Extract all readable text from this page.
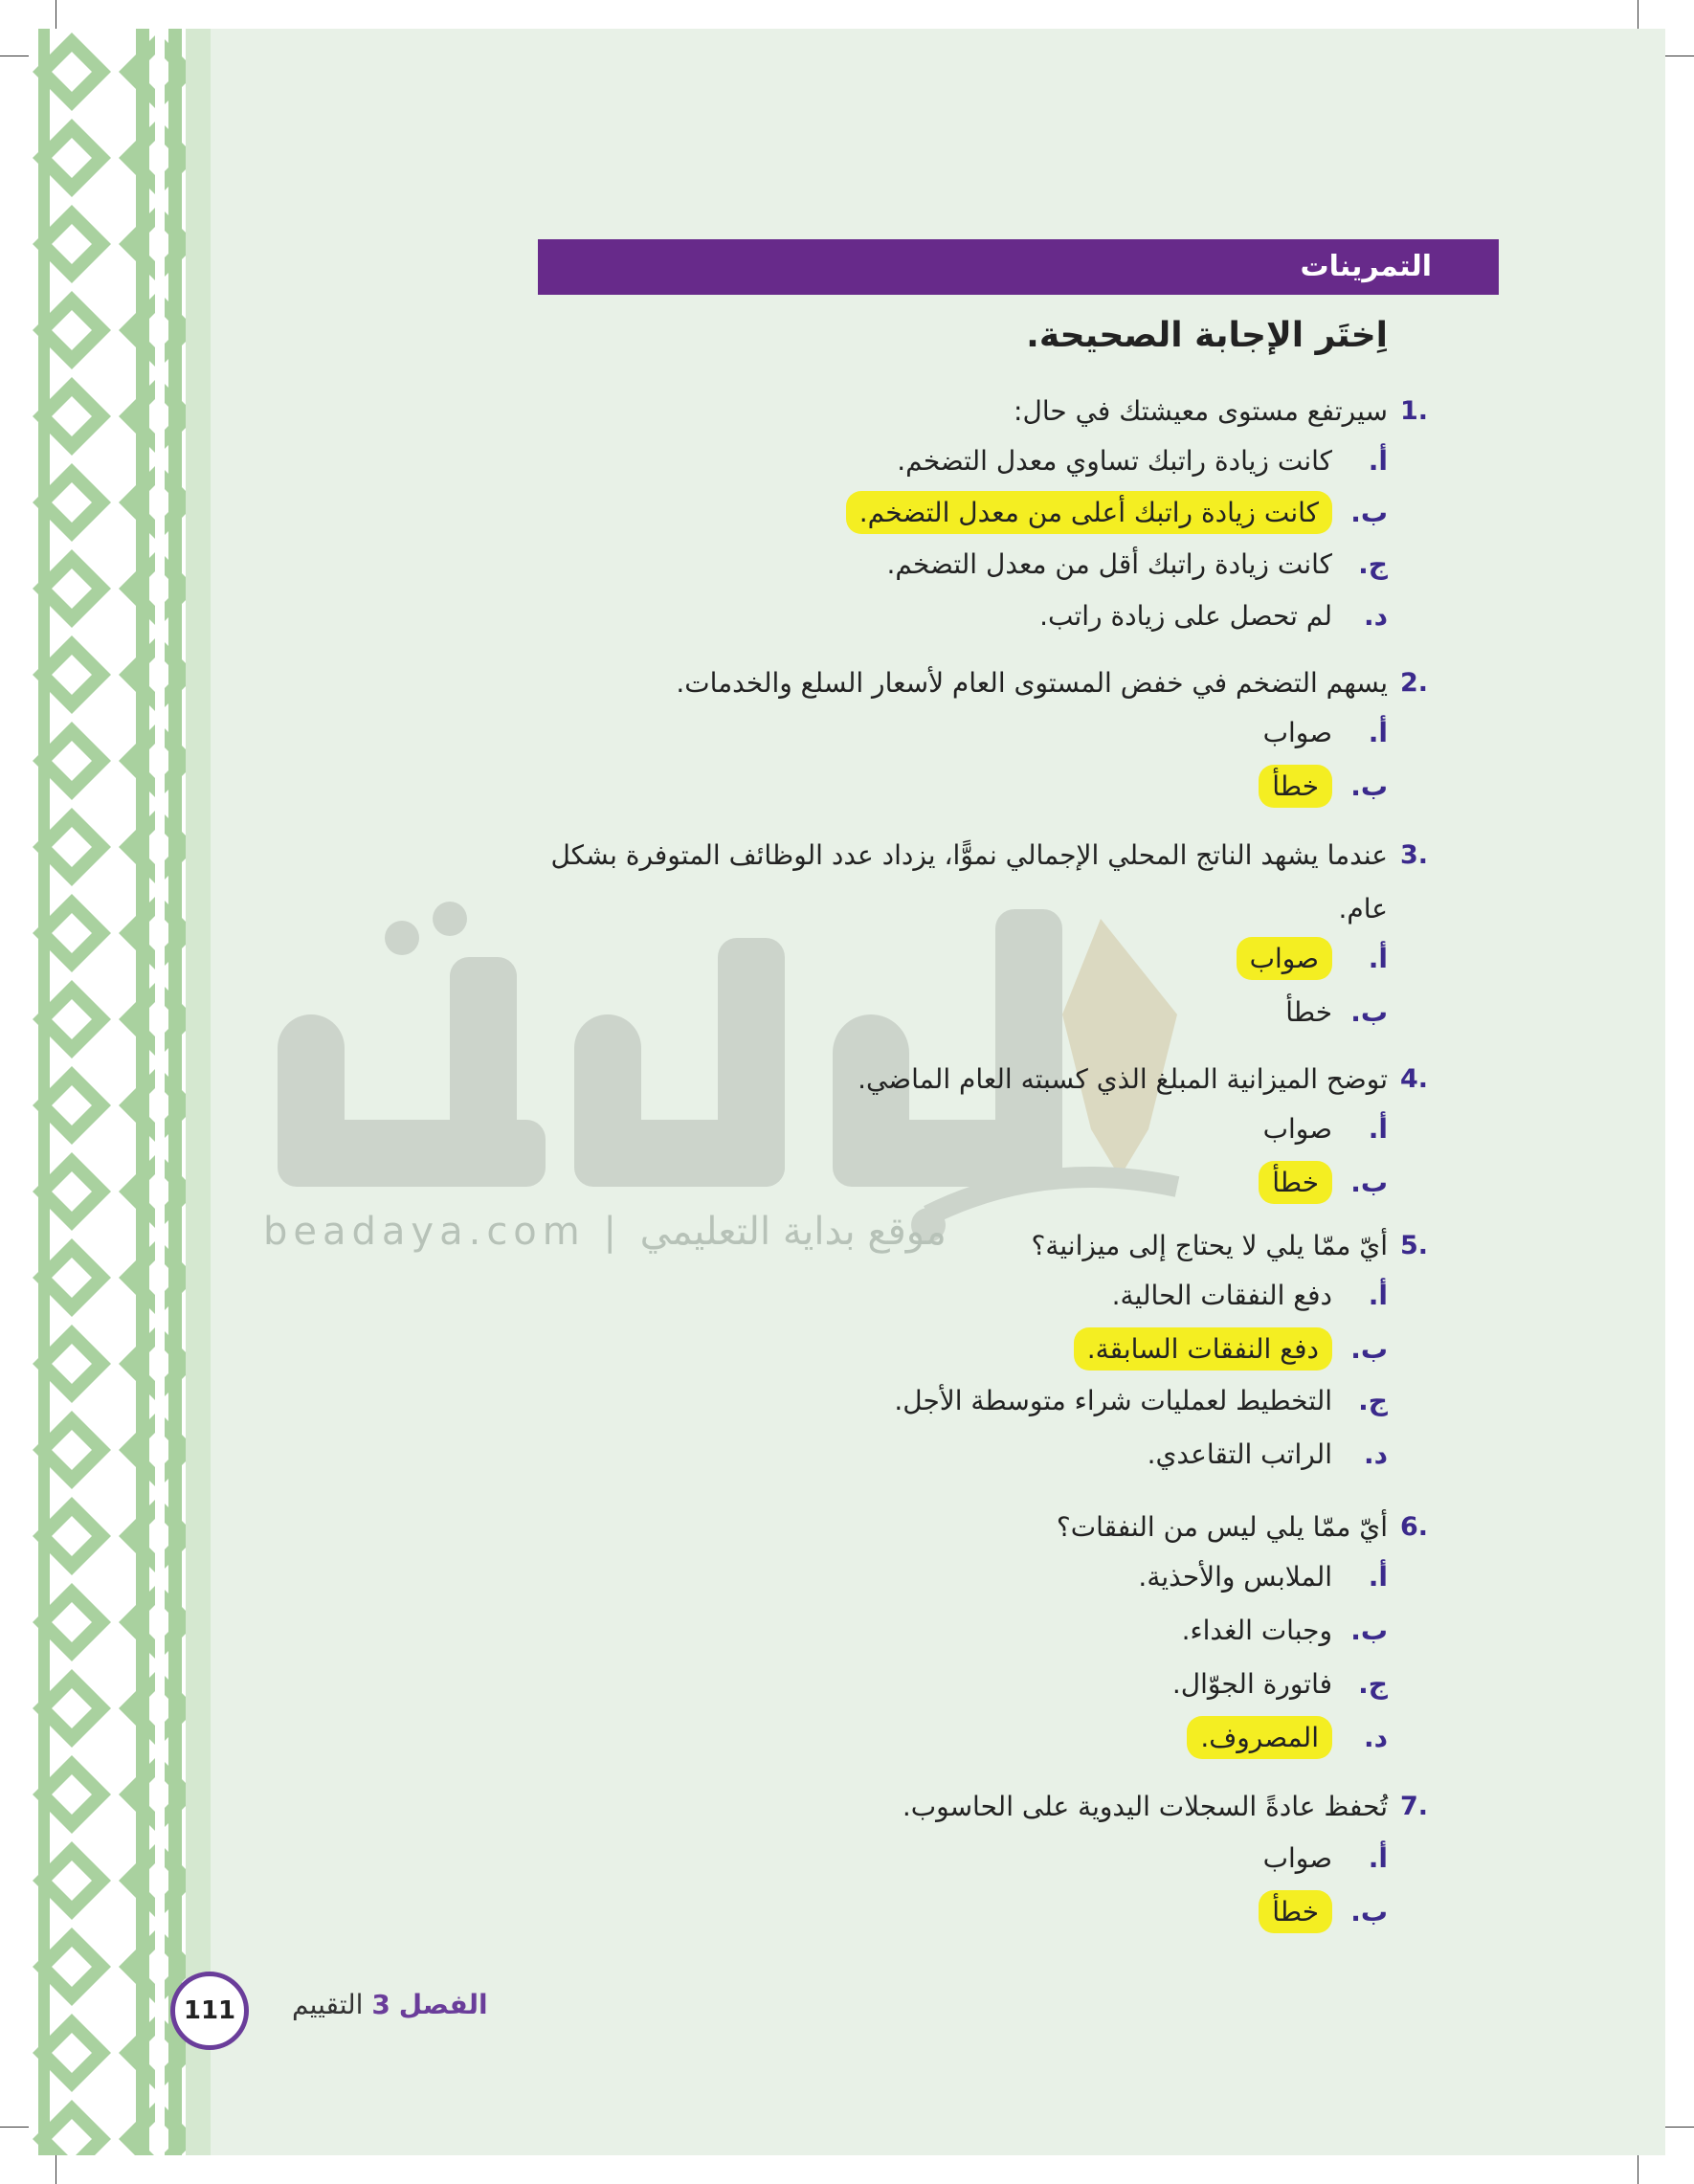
beadaya.com | موقع بداية التعليمي
التمرينات
اِختَر الإجابة الصحيحة.
1.
سيرتفع مستوى معيشتك في حال:
أ.كانت زيادة راتبك تساوي معدل التضخم.
ب.كانت زيادة راتبك أعلى من معدل التضخم.
ج.كانت زيادة راتبك أقل من معدل التضخم.
د.لم تحصل على زيادة راتب.
2.
يسهم التضخم في خفض المستوى العام لأسعار السلع والخدمات.
أ.صواب
ب.خطأ
3.
عندما يشهد الناتج المحلي الإجمالي نموًّا، يزداد عدد الوظائف المتوفرة بشكل عام.
أ.صواب
ب.خطأ
4.
توضح الميزانية المبلغ الذي كسبته العام الماضي.
أ.صواب
ب.خطأ
5.
أيّ ممّا يلي لا يحتاج إلى ميزانية؟
أ.دفع النفقات الحالية.
ب.دفع النفقات السابقة.
ج.التخطيط لعمليات شراء متوسطة الأجل.
د.الراتب التقاعدي.
6.
أيّ ممّا يلي ليس من النفقات؟
أ.الملابس والأحذية.
ب.وجبات الغداء.
ج.فاتورة الجوّال.
د.المصروف.
7.
تُحفظ عادةً السجلات اليدوية على الحاسوب.
أ.صواب
ب.خطأ
الفصل 3 التقييم
111
